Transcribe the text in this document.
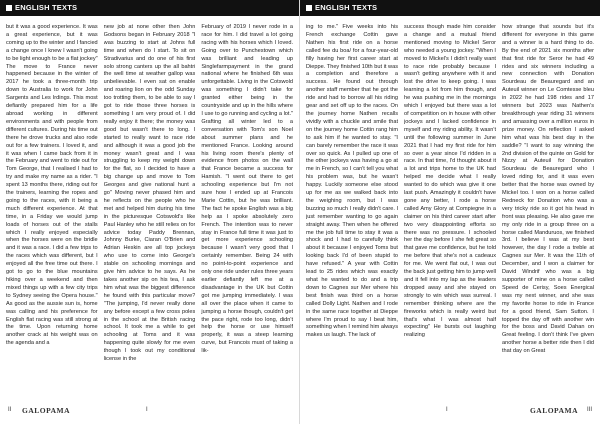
ENGLISH TEXTS
but it was a good experience. It was a great experience, but it was coming up to the winter and I fancied a change once I knew I wasn't going to be light enough to be a flat jockey" The move to France never happened because in the winter of 2017 he took a three-month trip down to Australia to work for John Sargents and Les Irdings. This most defiantly prepared him for a life abroad working in different environments and with people from different cultures. During his time out there he drove trucks and also rode out for a few trainers. I loved it, and it was when I came back from it in the February and went to ride out for Tom George, that I realised I had to try and make my name as a rider. "I spent 13 months there, riding out for the trainers, learning the ropes and going to the races, with it being a much different experience. At that time, in a Friday we would jump loads of horses out of the stalls which I really enjoyed especially when the horses were on the bridle and it was a race. I did a few trips to the races which was different, but I enjoyed all the free time out there. I got to go to the blue mountains hiking over a weekend and then mixed things up with a few city trips to Sydney seeing the Opera house." As good as the aussie sun is, home was calling and his preference for English flat racing was still strong at the time. Upon returning home another crack at his weight was on the agenda and a
new job at none other then John Godsons began in February 2018 "I was buzzing to start at Johns full time and when do I start. To sit on Stradivarius and do one of his first solo strong canters up the all bahtri the well time at weather gallop was unbelievable. I even sat on enable and roaring lion on the odd Sunday too trotting them, to be able to say I got to ride those three horses is something I am very proud of. I did really enjoy it there; the money was good but wasn't there to long. I started to really want to race ride and although it was a good job the money wasn't great and I was struggling to keep my weight down for the flat, so I decided to have a big change up and move to Tom Georges and give national hunt a go" Moving never phased him and he reflects on the people who he met and helped him during his time in the picturesque Cotswold's like Paul Hanley who he still relies on for advice today Paddy Brennan, Johnny Burke, Ciaran O'Brien and Adrian Heskin are all top jockeys who use to come into George's stable on schooling mornings and give him advice to he says. As he takes another sip on his tea, I ask him what was the biggest difference he found with this particular move? "The jumping, I'd never really done any before except a few cross poles in the school at the British racing school. It took me a while to get schooling at Toms and it was happening quite slowly for me even though I took out my conditional license in the
February of 2019 I never rode in a race for him. I did travel a lot going racing with his horses which I loved. Going over to Punchestown which was brilliant and leading up Singlefarmpayment in the grand national where he finished 6th was unforgettable. Living in the Cotswold was something I didn't take for granted either being in the countryside and up in the hills where I use to go running and cycling a lot." Grafting all winter led to a conversation with Tom's son Noel about summer plans and he mentioned France. Looking around his living room there's plenty of evidence from photos on the wall that France became a success for Hamish. "I went out there to get schooling experience but I'm not sure how I ended up at Francois Marie Cottin, but he was brilliant. The fact he spoke English was a big help as I spoke absolutely zero French. The intention was to never stay in France full time it was just to get more experience schooling because I wasn't very good that I certainly remember. Being 24 with no point-to-point experience and only one ride under rules three years earlier defiantly left me at a disadvantage in the UK but Cottin got me jumping immediately. I was all over the place when it came to jumping a horse though, couldn't get the pace right, rode too long, didn't help the horse or use himself properly, it was a steep learning curve, but Francois must of taking a lik-
II GALOPAMA	I
ENGLISH TEXTS
ing to me." Five weeks into his French exchange Cottin gave Nathen his first ride on a horse called fee du boa/ for a four-year-old filly having her first career start at Dieppe. They finished 10th but it was a completion and therefore a success. He found out through another staff member that he got the ride and had to borrow all his riding gear and set off up to the races. On the journey home Nathen recalls vividly with a chuckle and smile that on the journey home Cottin rang him to ask him if he wanted to stay. "I can barely remember the race it was over so quick. As I pulled up one of the other jockeys was having a go at me in French, so I can't tell you what his problem was, but he wasn't happy. Luckily someone else stood up for me as we walked back into the weighing room, but I was buzzing so much I really didn't care. I just remember wanting to go again straight away. Then when he offered me the job full time to stay it was a shock and I had to carefully think about it because I enjoyed Toms but looking back I'd of been stupid to have refused." A year with Cottin lead to 25 rides which was exactly what he wanted to do and a trip down to Cagnes sur Mer where his best finish was third on a horse called Dolly Light. Nathen and I rode in the same race together at Dieppe where I'm proud to say I beat him, something when I remind him always makes us laugh. The lack of
success though made him consider a change and a mutual friend mentioned moving to Mickel Seror who needed a young jockey. "When I moved to Mickel's I didn't really want to race ride probably because I wasn't getting anywhere with it and lost the drive to keep going. I was learning a lot from him though, and he was pushing me in the mornings which I enjoyed but there was a lot of competition on in house with other jockeys and I lacked confidence in myself and my riding ability. It wasn't until the following summer in June 2021 that I had my first ride for him so over a year since I'd ridden in a race. In that time, I'd thought about it a lot and trips home to the UK had helped me decide what I really wanted to do which was give it one last push. Amazingly it couldn't have gone any better, I rode a horse called Amy Glory at Compiegne in a claimer on his third career start after two very disappointing efforts so there was no pressure. I schooled her the day before I she felt great so that gave me confidence, but he told me before that she's not a cadeaux for me. We went flat out, I was out the back just getting him to jump well and it fell into my lap as the leaders dropped away and she stayed on strongly to win which was surreal. I remember thinking where are the fireworks which is really weird but that's what I was almost half expecting" He bursts out laughing realizing
how strange that sounds but it's different for everyone in this game and a winner is a hard thing to do. By the end of 2021 six months after that first ride for Seror he had 49 rides and six winners including a new connection with Donation Sourdeau de Beauregard and an Auteuil winner on Le Comtesse bleu in 2022 he had 198 rides and 17 winners but 2023 was Nathen's breakthrough year riding 31 winners and amassing over a million euros in prize money. On reflection I asked him what was his best day in the saddle? "I want to say winning the 2nd division of the quinte on Gold for Nizzy at Auteuil for Donation Sourdeau de Beauregard who I loved riding for, and it was even better that the horse was owned by Mickel too. I won on a horse called Redneck for Donation who was a very tricky ride so it got his head in front was pleasing. He also gave me my only ride in a group three on a horse called Manduruos, we finished 3rd. I believe I was at my best however, the day I rode a treble at Cagnes sur Mer. It was the 11th of December, and I won a claimer for David Windrif who was a big supporter of mine on a horse called Speed de Cerisy, Soes Energical was my next winner, and she was my favorite horse to ride in France for a good friend, Sam Sutton. I topped the day off with another win for the boss and David Dahan on Great feeling. I don't think I've given another horse a better ride then I did that day on Great
I	GALOPAMA III
